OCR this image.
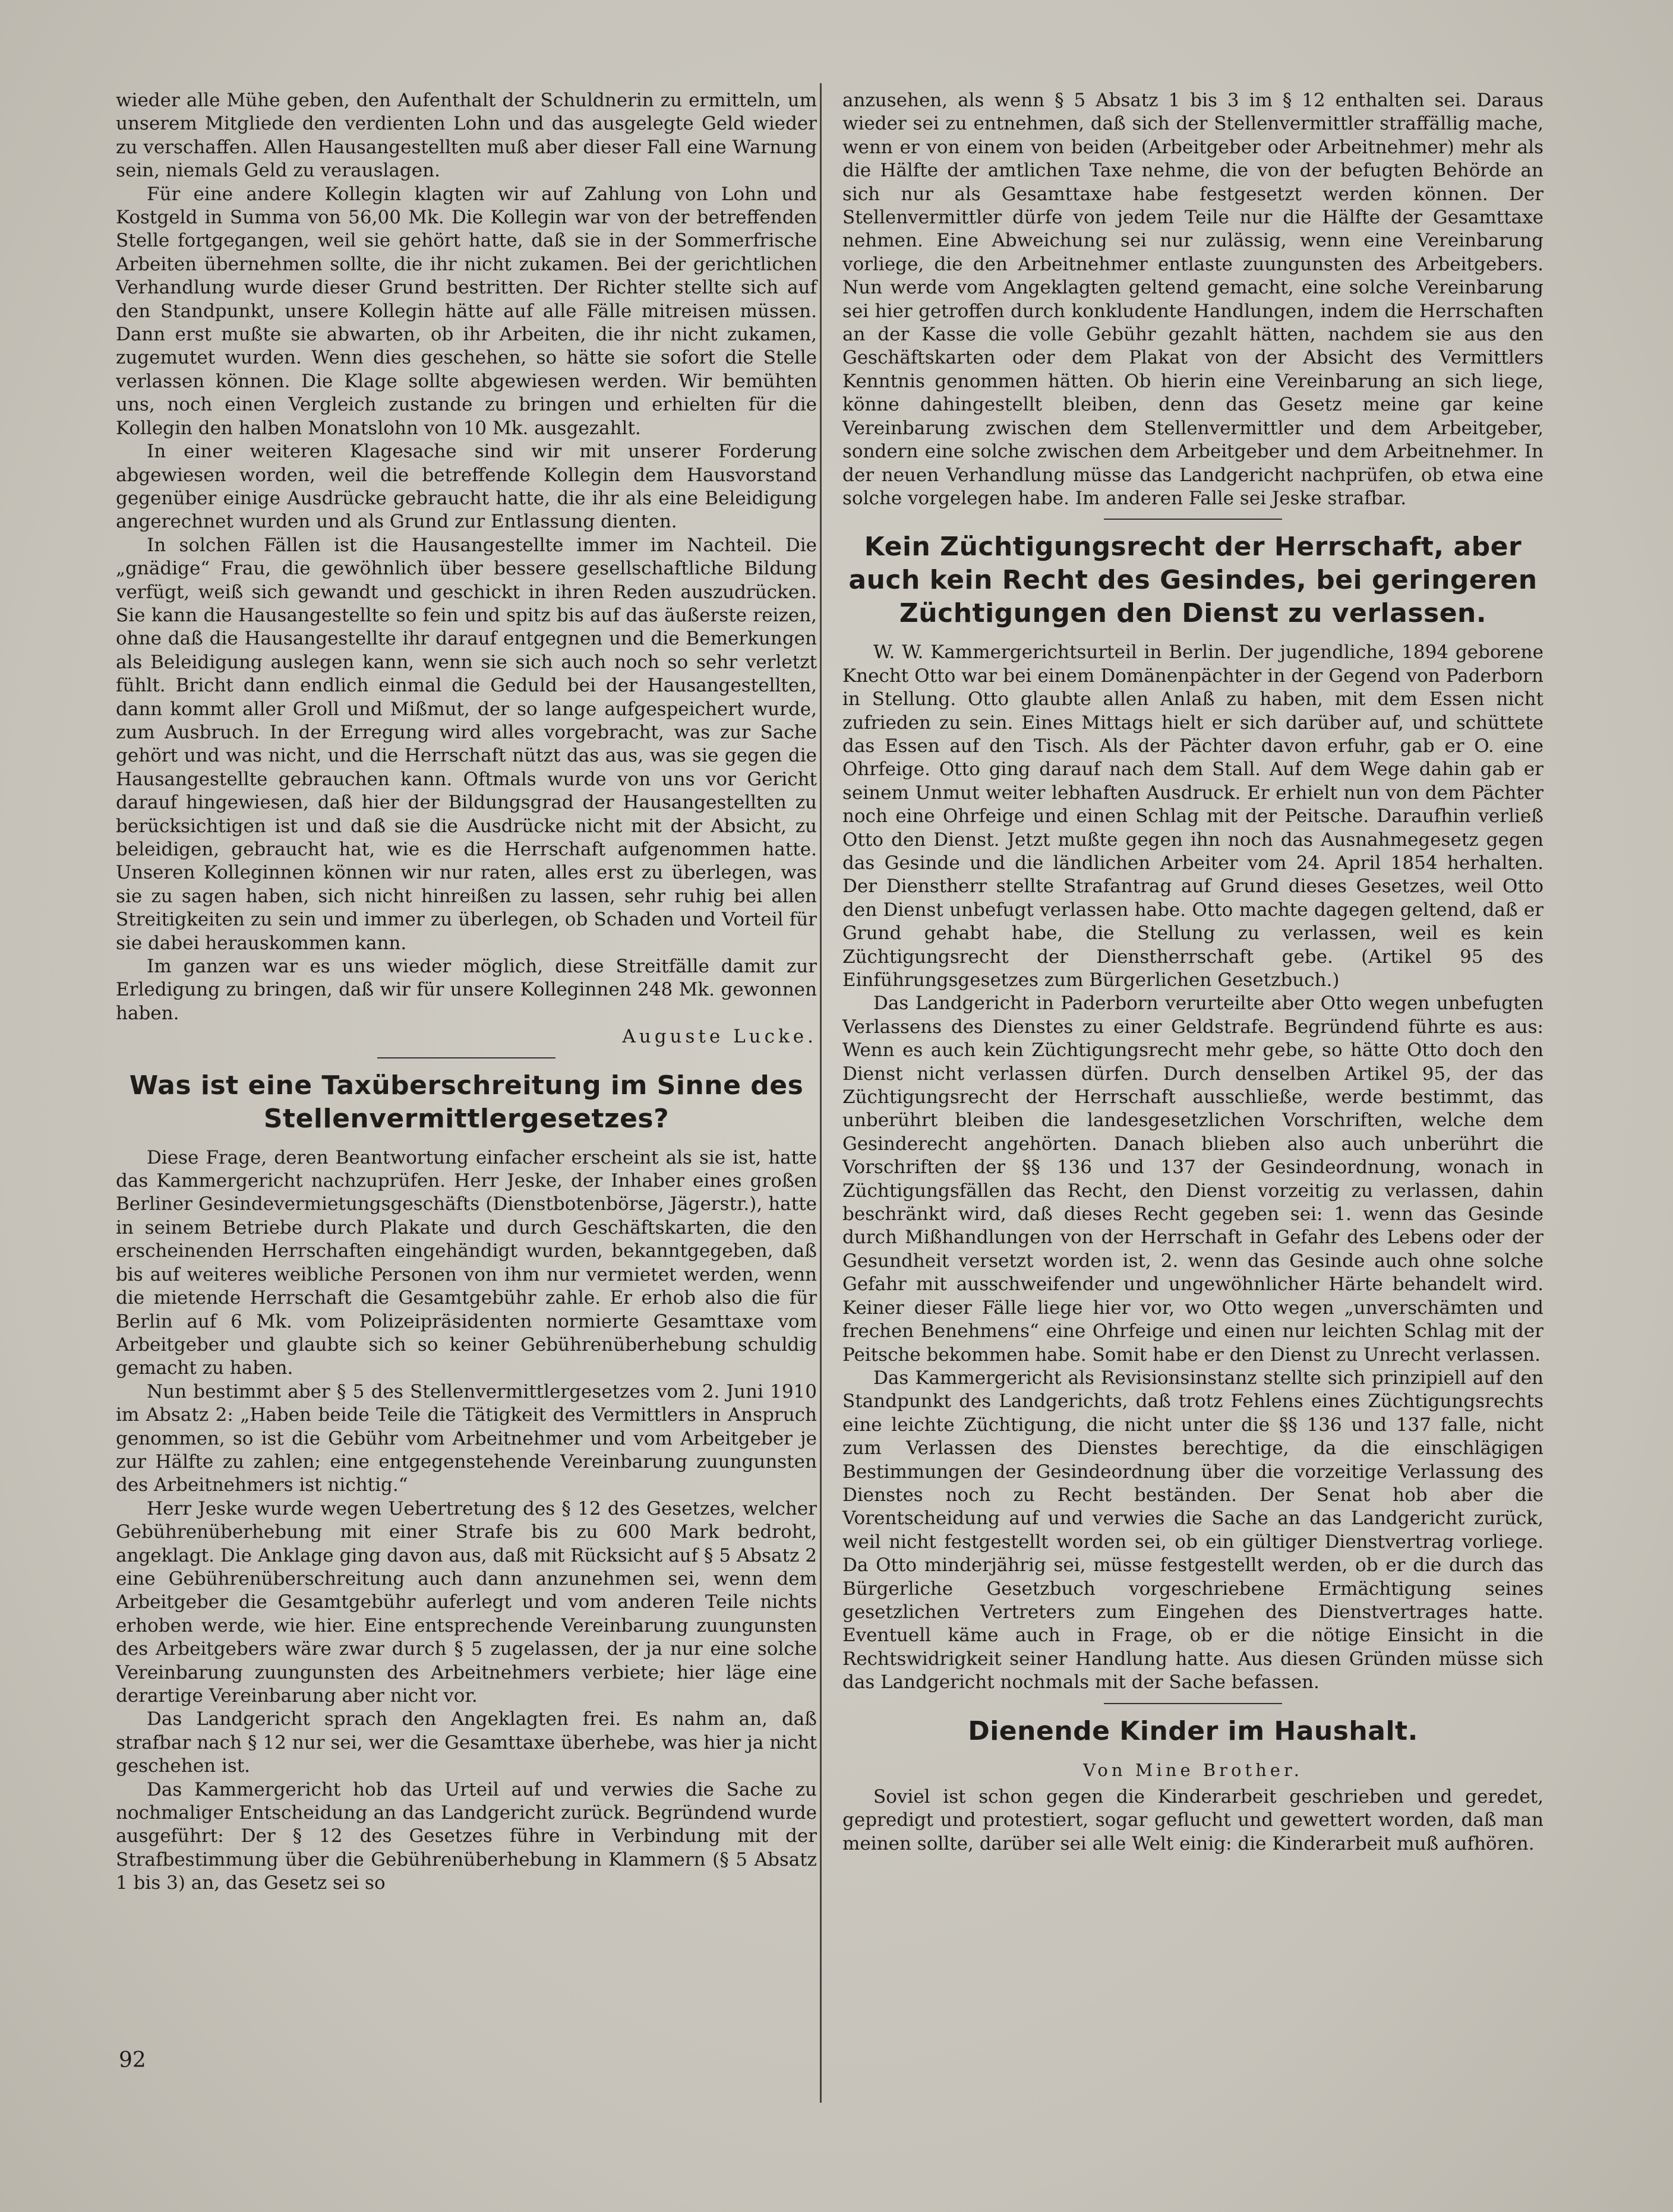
wieder alle Mühe geben, den Aufenthalt der Schuldnerin zu ermitteln, um unserem Mitgliede den verdienten Lohn und das ausgelegte Geld wieder zu verschaffen. Allen Hausangestellten muß aber dieser Fall eine Warnung sein, niemals Geld zu verauslagen.

Für eine andere Kollegin klagten wir auf Zahlung von Lohn und Kostgeld in Summa von 56,00 Mk. Die Kollegin war von der betreffenden Stelle fortgegangen, weil sie gehört hatte, daß sie in der Sommerfrische Arbeiten übernehmen sollte, die ihr nicht zukamen. Bei der gerichtlichen Verhandlung wurde dieser Grund bestritten. Der Richter stellte sich auf den Standpunkt, unsere Kollegin hätte auf alle Fälle mitreisen müssen. Dann erst mußte sie abwarten, ob ihr Arbeiten, die ihr nicht zukamen, zugemutet wurden. Wenn dies geschehen, so hätte sie sofort die Stelle verlassen können. Die Klage sollte abgewiesen werden. Wir bemühten uns, noch einen Vergleich zustande zu bringen und erhielten für die Kollegin den halben Monatslohn von 10 Mk. ausgezahlt.

In einer weiteren Klagesache sind wir mit unserer Forderung abgewiesen worden, weil die betreffende Kollegin dem Hausvorstand gegenüber einige Ausdrücke gebraucht hatte, die ihr als eine Beleidigung angerechnet wurden und als Grund zur Entlassung dienten.

In solchen Fällen ist die Hausangestellte immer im Nachteil. Die „gnädige“ Frau, die gewöhnlich über bessere gesellschaftliche Bildung verfügt, weiß sich gewandt und geschickt in ihren Reden auszudrücken. Sie kann die Hausangestellte so fein und spitz bis auf das äußerste reizen, ohne daß die Hausangestellte ihr darauf entgegnen und die Bemerkungen als Beleidigung auslegen kann, wenn sie sich auch noch so sehr verletzt fühlt. Bricht dann endlich einmal die Geduld bei der Hausangestellten, dann kommt aller Groll und Mißmut, der so lange aufgespeichert wurde, zum Ausbruch. In der Erregung wird alles vorgebracht, was zur Sache gehört und was nicht, und die Herrschaft nützt das aus, was sie gegen die Hausangestellte gebrauchen kann. Oftmals wurde von uns vor Gericht darauf hingewiesen, daß hier der Bildungsgrad der Hausangestellten zu berücksichtigen ist und daß sie die Ausdrücke nicht mit der Absicht, zu beleidigen, gebraucht hat, wie es die Herrschaft aufgenommen hatte. Unseren Kolleginnen können wir nur raten, alles erst zu überlegen, was sie zu sagen haben, sich nicht hinreißen zu lassen, sehr ruhig bei allen Streitigkeiten zu sein und immer zu überlegen, ob Schaden und Vorteil für sie dabei herauskommen kann.

Im ganzen war es uns wieder möglich, diese Streitfälle damit zur Erledigung zu bringen, daß wir für unsere Kolleginnen 248 Mk. gewonnen haben.

Auguste Lucke.
Was ist eine Taxüberschreitung im Sinne des Stellenvermittlergesetzes?

Diese Frage, deren Beantwortung einfacher erscheint als sie ist, hatte das Kammergericht nachzuprüfen. Herr Jeske, der Inhaber eines großen Berliner Gesindevermietungsgeschäfts (Dienstbotenbörse, Jägerstr.), hatte in seinem Betriebe durch Plakate und durch Geschäftskarten, die den erscheinenden Herrschaften eingehändigt wurden, bekanntgegeben, daß bis auf weiteres weibliche Personen von ihm nur vermietet werden, wenn die mietende Herrschaft die Gesamtgebühr zahle. Er erhob also die für Berlin auf 6 Mk. vom Polizeipräsidenten normierte Gesamttaxe vom Arbeitgeber und glaubte sich so keiner Gebührenüberhebung schuldig gemacht zu haben.

Nun bestimmt aber § 5 des Stellenvermittlergesetzes vom 2. Juni 1910 im Absatz 2: „Haben beide Teile die Tätigkeit des Vermittlers in Anspruch genommen, so ist die Gebühr vom Arbeitnehmer und vom Arbeitgeber je zur Hälfte zu zahlen; eine entgegenstehende Vereinbarung zuungunsten des Arbeitnehmers ist nichtig.“

Herr Jeske wurde wegen Uebertretung des § 12 des Gesetzes, welcher Gebührenüberhebung mit einer Strafe bis zu 600 Mark bedroht, angeklagt. Die Anklage ging davon aus, daß mit Rücksicht auf § 5 Absatz 2 eine Gebührenüberschreitung auch dann anzunehmen sei, wenn dem Arbeitgeber die Gesamtgebühr auferlegt und vom anderen Teile nichts erhoben werde, wie hier. Eine entsprechende Vereinbarung zuungunsten des Arbeitgebers wäre zwar durch § 5 zugelassen, der ja nur eine solche Vereinbarung zuungunsten des Arbeitnehmers verbiete; hier läge eine derartige Vereinbarung aber nicht vor.

Das Landgericht sprach den Angeklagten frei. Es nahm an, daß strafbar nach § 12 nur sei, wer die Gesamttaxe überhebe, was hier ja nicht geschehen ist.

Das Kammergericht hob das Urteil auf und verwies die Sache zu nochmaliger Entscheidung an das Landgericht zurück. Begründend wurde ausgeführt: Der § 12 des Gesetzes führe in Verbindung mit der Strafbestimmung über die Gebührenüberhebung in Klammern (§ 5 Absatz 1 bis 3) an, das Gesetz sei so

anzusehen, als wenn § 5 Absatz 1 bis 3 im § 12 enthalten sei. Daraus wieder sei zu entnehmen, daß sich der Stellenvermittler straffällig mache, wenn er von einem von beiden (Arbeitgeber oder Arbeitnehmer) mehr als die Hälfte der amtlichen Taxe nehme, die von der befugten Behörde an sich nur als Gesamttaxe habe festgesetzt werden können. Der Stellenvermittler dürfe von jedem Teile nur die Hälfte der Gesamttaxe nehmen. Eine Abweichung sei nur zulässig, wenn eine Vereinbarung vorliege, die den Arbeitnehmer entlaste zuungunsten des Arbeitgebers. Nun werde vom Angeklagten geltend gemacht, eine solche Vereinbarung sei hier getroffen durch konkludente Handlungen, indem die Herrschaften an der Kasse die volle Gebühr gezahlt hätten, nachdem sie aus den Geschäftskarten oder dem Plakat von der Absicht des Vermittlers Kenntnis genommen hätten. Ob hierin eine Vereinbarung an sich liege, könne dahingestellt bleiben, denn das Gesetz meine gar keine Vereinbarung zwischen dem Stellenvermittler und dem Arbeitgeber, sondern eine solche zwischen dem Arbeitgeber und dem Arbeitnehmer. In der neuen Verhandlung müsse das Landgericht nachprüfen, ob etwa eine solche vorgelegen habe. Im anderen Falle sei Jeske strafbar.

Kein Züchtigungsrecht der Herrschaft, aber auch kein Recht des Gesindes, bei geringeren Züchtigungen den Dienst zu verlassen.

W. W. Kammergerichtsurteil in Berlin. Der jugendliche, 1894 geborene Knecht Otto war bei einem Domänenpächter in der Gegend von Paderborn in Stellung. Otto glaubte allen Anlaß zu haben, mit dem Essen nicht zufrieden zu sein. Eines Mittags hielt er sich darüber auf, und schüttete das Essen auf den Tisch. Als der Pächter davon erfuhr, gab er O. eine Ohrfeige. Otto ging darauf nach dem Stall. Auf dem Wege dahin gab er seinem Unmut weiter lebhaften Ausdruck. Er erhielt nun von dem Pächter noch eine Ohrfeige und einen Schlag mit der Peitsche. Daraufhin verließ Otto den Dienst. Jetzt mußte gegen ihn noch das Ausnahmegesetz gegen das Gesinde und die ländlichen Arbeiter vom 24. April 1854 herhalten. Der Dienstherr stellte Strafantrag auf Grund dieses Gesetzes, weil Otto den Dienst unbefugt verlassen habe. Otto machte dagegen geltend, daß er Grund gehabt habe, die Stellung zu verlassen, weil es kein Züchtigungsrecht der Dienstherrschaft gebe. (Artikel 95 des Einführungsgesetzes zum Bürgerlichen Gesetzbuch.)

Das Landgericht in Paderborn verurteilte aber Otto wegen unbefugten Verlassens des Dienstes zu einer Geldstrafe. Begründend führte es aus: Wenn es auch kein Züchtigungsrecht mehr gebe, so hätte Otto doch den Dienst nicht verlassen dürfen. Durch denselben Artikel 95, der das Züchtigungsrecht der Herrschaft ausschließe, werde bestimmt, das unberührt bleiben die landesgesetzlichen Vorschriften, welche dem Gesinderecht angehörten. Danach blieben also auch unberührt die Vorschriften der §§ 136 und 137 der Gesindeordnung, wonach in Züchtigungsfällen das Recht, den Dienst vorzeitig zu verlassen, dahin beschränkt wird, daß dieses Recht gegeben sei: 1. wenn das Gesinde durch Mißhandlungen von der Herrschaft in Gefahr des Lebens oder der Gesundheit versetzt worden ist, 2. wenn das Gesinde auch ohne solche Gefahr mit ausschweifender und ungewöhnlicher Härte behandelt wird. Keiner dieser Fälle liege hier vor, wo Otto wegen „unverschämten und frechen Benehmens“ eine Ohrfeige und einen nur leichten Schlag mit der Peitsche bekommen habe. Somit habe er den Dienst zu Unrecht verlassen.

Das Kammergericht als Revisionsinstanz stellte sich prinzipiell auf den Standpunkt des Landgerichts, daß trotz Fehlens eines Züchtigungsrechts eine leichte Züchtigung, die nicht unter die §§ 136 und 137 falle, nicht zum Verlassen des Dienstes berechtige, da die einschlägigen Bestimmungen der Gesindeordnung über die vorzeitige Verlassung des Dienstes noch zu Recht beständen. Der Senat hob aber die Vorentscheidung auf und verwies die Sache an das Landgericht zurück, weil nicht festgestellt worden sei, ob ein gültiger Dienstvertrag vorliege. Da Otto minderjährig sei, müsse festgestellt werden, ob er die durch das Bürgerliche Gesetzbuch vorgeschriebene Ermächtigung seines gesetzlichen Vertreters zum Eingehen des Dienstvertrages hatte. Eventuell käme auch in Frage, ob er die nötige Einsicht in die Rechtswidrigkeit seiner Handlung hatte. Aus diesen Gründen müsse sich das Landgericht nochmals mit der Sache befassen.

Dienende Kinder im Haushalt.
Von Mine Brother.

Soviel ist schon gegen die Kinderarbeit geschrieben und geredet, gepredigt und protestiert, sogar geflucht und gewettert worden, daß man meinen sollte, darüber sei alle Welt einig: die Kinderarbeit muß aufhören.

92
